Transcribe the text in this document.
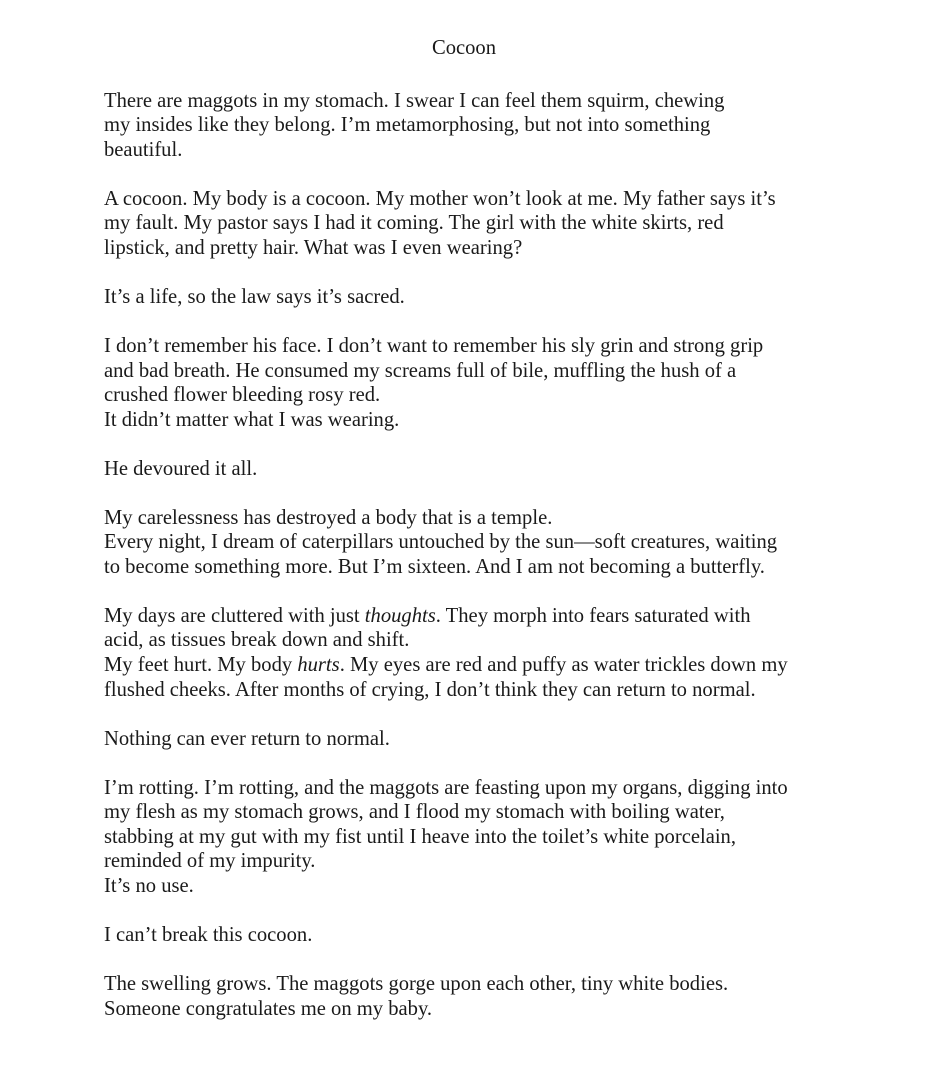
Cocoon
There are maggots in my stomach. I swear I can feel them squirm, chewing
my insides like they belong. I’m metamorphosing, but not into something
beautiful.
A cocoon. My body is a cocoon. My mother won’t look at me. My father says it’s
my fault. My pastor says I had it coming. The girl with the white skirts, red
lipstick, and pretty hair. What was I even wearing?
It’s a life, so the law says it’s sacred.
I don’t remember his face. I don’t want to remember his sly grin and strong grip
and bad breath. He consumed my screams full of bile, muffling the hush of a
crushed flower bleeding rosy red.
It didn’t matter what I was wearing.
He devoured it all.
My carelessness has destroyed a body that is a temple.
Every night, I dream of caterpillars untouched by the sun—soft creatures, waiting
to become something more. But I’m sixteen. And I am not becoming a butterfly.
My days are cluttered with just thoughts. They morph into fears saturated with
acid, as tissues break down and shift.
My feet hurt. My body hurts. My eyes are red and puffy as water trickles down my
flushed cheeks. After months of crying, I don’t think they can return to normal.
Nothing can ever return to normal.
I’m rotting. I’m rotting, and the maggots are feasting upon my organs, digging into
my flesh as my stomach grows, and I flood my stomach with boiling water,
stabbing at my gut with my fist until I heave into the toilet’s white porcelain,
reminded of my impurity.
It’s no use.
I can’t break this cocoon.
The swelling grows. The maggots gorge upon each other, tiny white bodies.
Someone congratulates me on my baby.
